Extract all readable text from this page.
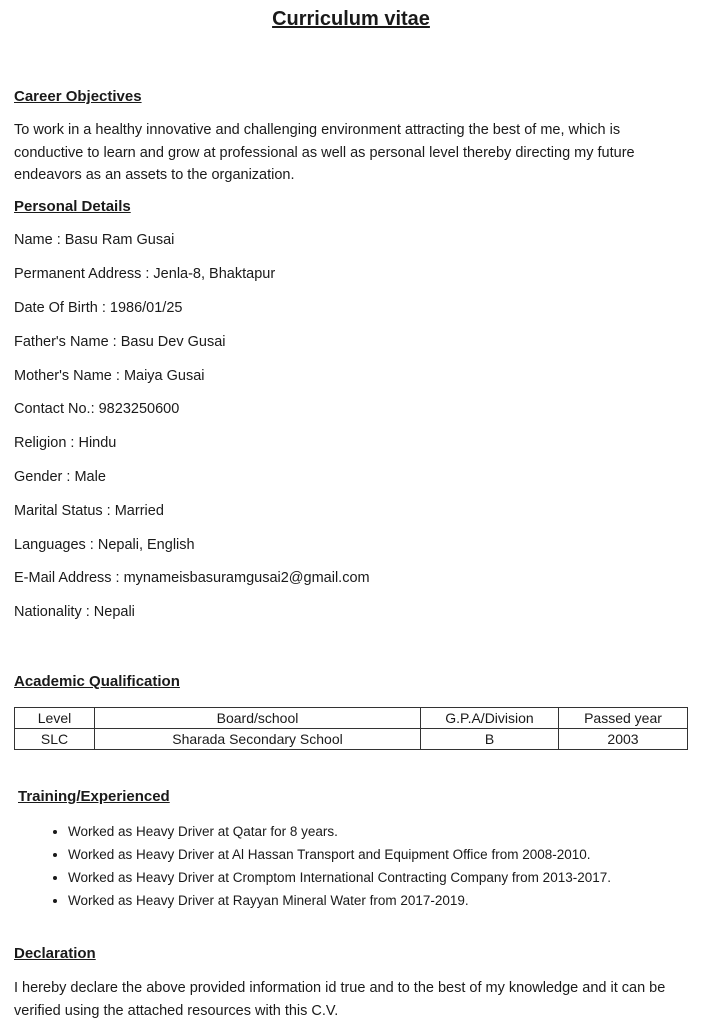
Curriculum vitae
Career Objectives
To work in a healthy innovative and challenging environment attracting the best of me, which is conductive to learn and grow at professional as well as personal level thereby directing my future endeavors as an assets to the organization.
Personal Details
Name : Basu Ram Gusai
Permanent Address : Jenla-8, Bhaktapur
Date Of Birth : 1986/01/25
Father's Name : Basu Dev Gusai
Mother's Name : Maiya Gusai
Contact No.: 9823250600
Religion : Hindu
Gender : Male
Marital Status : Married
Languages : Nepali, English
E-Mail Address : mynameisbasuramgusai2@gmail.com
Nationality : Nepali
Academic Qualification
Level	Board/school	G.P.A/Division	Passed year
SLC	Sharada Secondary School	B	2003
Training/Experienced
• Worked as Heavy Driver at Qatar for 8 years.
• Worked as Heavy Driver at Al Hassan Transport and Equipment Office from 2008-2010.
• Worked as Heavy Driver at Cromptom International Contracting Company from 2013-2017.
• Worked as Heavy Driver at Rayyan Mineral Water from 2017-2019.
Declaration
I hereby declare the above provided information id true and to the best of my knowledge and it can be verified using the attached resources with this C.V.
